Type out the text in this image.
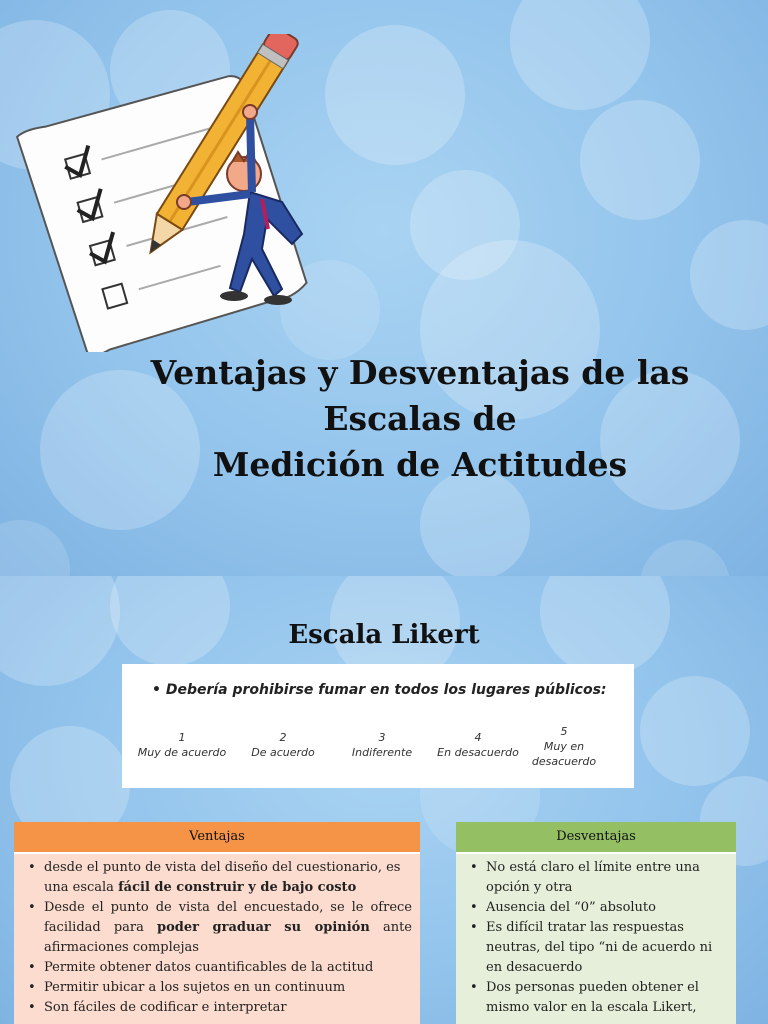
Ventajas y Desventajas de las
Escalas de
Medición de Actitudes
Escala Likert
• Debería prohibirse fumar en todos los lugares públicos:
1
Muy de acuerdo
2
De acuerdo
3
Indiferente
4
En desacuerdo
5
Muy en desacuerdo
Ventajas
• desde el punto de vista del diseño del cuestionario, es una escala fácil de construir y de bajo costo
• Desde el punto de vista del encuestado, se le ofrece facilidad para poder graduar su opinión ante afirmaciones complejas
• Permite obtener datos cuantificables de la actitud
• Permitir ubicar a los sujetos en un continuum
• Son fáciles de codificar e interpretar
Desventajas
• No está claro el límite entre una opción y otra
• Ausencia del “0” absoluto
• Es difícil tratar las respuestas neutras, del tipo “ni de acuerdo ni en desacuerdo
• Dos personas pueden obtener el mismo valor en la escala Likert,
